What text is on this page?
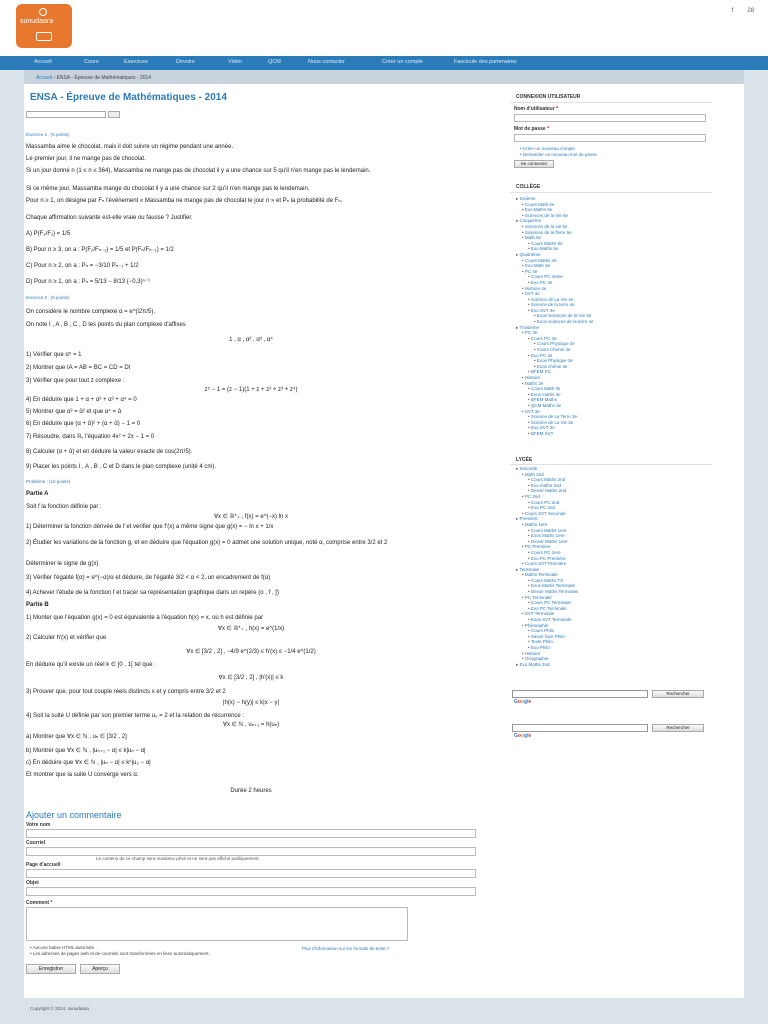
sunudaara
f 28
Accueil	Cours	Exercices	Devoirs	Vidéo	QCM	Nous contacter	Créer un compte	Fascicule des partenaires
Accueil › ENSA - Épreuve de Mathématiques - 2014
ENSA - Épreuve de Mathématiques - 2014
Exercice 1 : (5 points)
Massamba aime le chocolat, mais il doit suivre un régime pendant une année.
Le premier jour, il ne mange pas de chocolat.
Si un jour donné n (1 ≤ n ≤ 364), Massamba ne mange pas de chocolat il y a une chance sur 5 qu'il n'en mange pas le lendemain.
Si ce même jour, Massamba mange du chocolat il y a une chance sur 2 qu'il n'en mange pas le lendemain.
Pour n ≥ 1, on désigne par Fₙ l'événement « Massamba ne mange pas de chocolat le jour n » et Pₙ la probabilité de Fₙ.
Chaque affirmation suivante est-elle vraie ou fausse ? Justifier.
A) P(F₂/F₁) = 1/5
B) Pour n ≥ 3, on a : P(F₂/Fₙ₋₁) = 1/5 et P(Fₙ/Fₙ₋₁) = 1/2
C) Pour n ≥ 2, on a : Pₙ = −3/10 Pₙ₋₁ + 1/2
D) Pour n ≥ 1, on a : Pₙ = 5/13 − 8/13 (−0,3)ⁿ⁻¹
Exercice 2 : (5 points)
On considère le nombre complexe α = e^(i2π/5).
On note I , A , B , C , D les points du plan complexe d'affixes
1 , α , α² , α³ , α⁴
1) Vérifier que α⁵ = 1
2) Montrer que IA = AB = BC = CD = DI
3) Vérifier que pour tout z complexe :
z⁵ − 1 = (z − 1)(1 + z + z² + z³ + z⁴)
4) En déduire que 1 + α + α² + α³ + α⁴ = 0
5) Montrer que α³ = ᾱ² et que α⁴ = ᾱ
6) En déduire que (α + ᾱ)² + (α + ᾱ) − 1 = 0
7) Résoudre, dans ℝ, l'équation 4x² + 2x − 1 = 0
8) Calculer (α + ᾱ) et en déduire la valeur exacte de cos(2π/5).
9) Placer les points I , A , B , C et D dans le plan complexe (unité 4 cm).
Problème : (10 points)
Partie A
Soit f la fonction définie par :
∀x ∈ ℝ*₊ , f(x) = e^(−x) ln x
1) Déterminer la fonction dérivée de f et vérifier que f′(x) a même signe que g(x) = − ln x + 1/x
2) Étudier les variations de la fonction g, et en déduire que l'équation g(x) = 0 admet une solution unique, noté α, comprise entre 3/2 et 2
Déterminer le signe de g(x)
3) Vérifier l'égalité f(α) = e^(−α)/α et déduire, de l'égalité 3/2 < α < 2, un encadrement de f(α)
4) Achever l'étude de la fonction f et tracer sa représentation graphique dans un repère (o , i⃗ , j⃗)
Partie B
1) Monter que l'équation g(x) = 0 est équivalente à l'équation h(x) = x, où h est définie par
∀x ∈ ℝ*₊ , h(x) = e^(1/x)
2) Calculer h′(x) et vérifier que
∀x ∈ [3/2 , 2] , −4/9 e^(2/3) ≤ h′(x) ≤ −1/4 e^(1/2)
En déduire qu'il existe un réel k ∈ ]0 , 1[ tel que :
∀x ∈ [3/2 , 2] , |h′(x)| ≤ k
3) Prouver que, pour tout couple réels distincts x et y compris entre 3/2 et 2
|h(x) − h(y)| ≤ k|x − y|
4) Soit la suite U définie par son premier terme u₀ = 2 et la relation de récurrence :
∀x ∈ ℕ , uₙ₊₁ = h(uₙ)
a) Montrer que ∀x ∈ ℕ , uₙ ∈ [3/2 , 2]
b) Montrer que ∀x ∈ ℕ , |uₙ₊₁ − α| ≤ k|uₙ − α|
c) En déduire que ∀x ∈ ℕ , |uₙ − α| ≤ kⁿ|u₀ − α|
Et montrer que la suite U converge vers α.
Durée 2 heures
Ajouter un commentaire
Votre nom
Courriel
Page d'accueil
Objet
Comment *
Le contenu de ce champ sera maintenu privé et ne sera pas affiché publiquement.
• Aucune balise HTML autorisée
• Les adresses de pages web et de courriels sont transformées en liens automatiquement.
Plus d'information sur les formats de texte ?
Enregistrer	Aperçu
Copyright © 2014, sunudaara
CONNEXION UTILISATEUR
Nom d'utilisateur *
Mot de passe *
• Créer un nouveau compte
• Demander un nouveau mot de passe
Se connecter
COLLÈGE
▸ Sixième
• Cours Math 6e
• Exo Maths 6e
• Sciences de la Vie 6e
▸ Cinquième
• Sciences de la vie 5e
• Sciences de la Terre 5e
• Math 5e
• Cours Maths 5e
• Exo Maths 5e
▸ Quatrième
• Cours Maths 4e
• Exo Math 4e
• PC 4e
• Cours PC 4eme
• Exo PC 4e
• Histoire 4e
• SVT 4e
• Science de La Vie 4e
• Science de la terre 4e
• Exo SVT 4e
• Exos Sciences de la Vie 4e
• Exos sciences de la terre 4e
▸ Troisième
• PC 3e
• Cours PC 3e
• Cours Physique 3e
• Cours Chimie 3e
• Exo PC 3e
• Exos Physique 3e
• Exos chimie 3e
• BFEM PC
• Histoire
• Maths 3e
• Cours Math 3e
• Exos maths 3e
• BFEM Maths
• QCM Maths 3e
• SVT 3e
• Science de La Terre 3e
• Science de La Vie 3e
• Exo SVT 3e
• BFEM SVT
LYCÉE
▸ Seconde
• Math 2nd
• Cours Maths 2nd
• Exo maths 2nd
• Devoir Maths 2nd
• PC 2nd
• Cours PC 2nd
• Exo PC 2nd
• Cours SVT Seconde
▸ Première
• Maths 1ere
• Cours Maths 1ere
• Exos Maths 1ere
• Devoir Maths 1ere
• PC Première
• Cours PC 1ere
• Exo PC Première
• Cours SVT Première
▸ Terminale
• Maths Terminale
• Cours Maths TS
• Exos Maths Terminale
• Devoir Maths Terminale
• PC Terminale
• Cours PC Terminale
• Exo PC Terminale
• SVT Terminale
• Exos SVT Terminale
• Philosophie
• Cours Philo
• Savoir faire Philo
• Texte Philo
• Exo Philo
• Histoire
• Géographie
▸ Exo Maths 2nd
Rechercher
Google
Rechercher
Google
